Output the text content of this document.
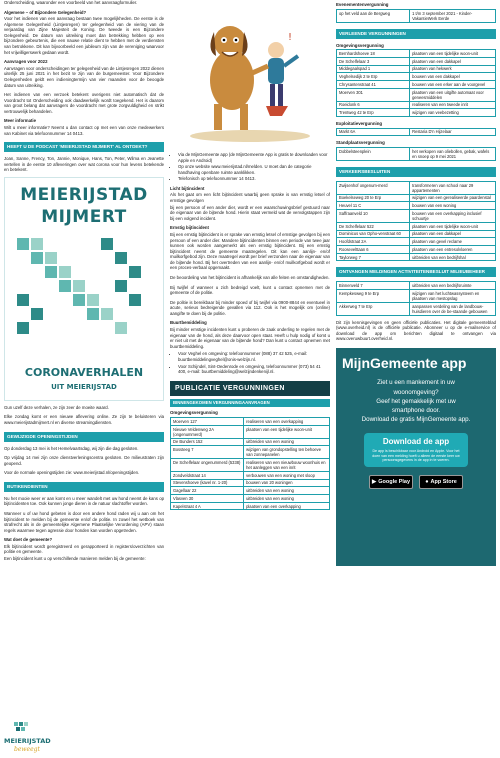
Onderscheiding, waaronder een voorbeeld van het aanvraagformulier.

Algemene – of Bijzondere Gelegenheid?

Voor het indienen van een aanvraag bestaan twee mogelijkheden. De eerste is de Algemene Gelegenheid (Lintjesregen) ter gelegenheid van de viering van de verjaardag van Zijne Majesteit de Koning. De tweede is een Bijzondere Gelegenheid. De datum van uitreiking moet dan betrekking hebben op een bijzondere gebeurtenis, die een nauwe relatie dient te hebben met de verdiensten van betrokkene. Dit kan bijvoorbeeld een jubileum zijn van de vereniging waarvoor het vrijwilligerswerk gedaan wordt.

Aanvragen voor 2022

Aanvragen voor onderscheidingen ter gelegenheid van de Lintjesregen 2022 dienen uiterlijk 25 juni 2021 in het bezit te zijn van de burgemeester. Voor Bijzondere Gelegenheden geldt een indieningtermijn van vier maanden voor de beoogde datum van uitreiking.

Het indienen van een verzoek betekent overigens niet automatisch dat de Voordracht tot Onderscheiding ook daadwerkelijk wordt toegekend. Het is daarom van groot belang dat aanvragers de voordracht met grote zorgvuldigheid en strikt vertrouwelijk behandelen.

Meer informatie

Wilt u meer informatie? Neemt u dan contact op met een van onze medewerkers van Kabinet via telefoonnummer 14 0413.

HEEFT U DE PODCAST 'MEIERIJSTAD MIJMERT' AL ONTDEKT?

Joan, Sanne, Frency, Ton, Jannie, Monique, Hans, Ton, Peter, Wilma en Jeanette vertellen in de eerste 10 afleveringen over wat corona voor hun levens betekende en betekent.

MEIERIJSTAD
MIJMERT
CORONAVERHALEN
UIT MEIERIJSTAD

Gun uzelf deze verhalen, ze zijn zeer de moeite waard.

Elke zondag komt er een nieuwe aflevering online. Ze zijn te beluisteren via www.meierijstadmijmert.nl en diverse streamingdiensten.

GEWIJZIGDE OPENINGSTIJDEN

Op donderdag 13 mei is het Hemelvaartsdag, wij zijn die dag gesloten.

Op vrijdag 14 mei zijn onze dienstverleningscentra gesloten. De milieustraten zijn geopend.

Voor de normale openingstijden zie: www.meierijstad.nl/openingstijden.

BUTIKENDIENTEN

Nu het mooie weer er aan komt en u meer wandelt met uw hond neemt de kans op bijtincidenten toe. Ook kunnen jonge dieren in de natuur slachtoffer worden.

Wanneer u of uw hond gebeten is door een andere hond raden wij u aan om het bijtincident te melden bij de gemeente en/of de politie. In zowel het wetboek van strafrecht als in de gemeentelijke Algemene Plaatselijke Verordening (APV) staan regels waarmee tegen agressie door honden kan worden opgetreden.

Wat doet de gemeente?

Elk bijtincident wordt geregistreerd en gerapporteerd in registers/overzichten van politie en gemeente.

Een bijtincident kunt u op verschillende manieren melden bij de gemeente:

MEIERIJSTAD
beweegt
!
• Via de MijnGemeente app (de MijnGemeente App is gratis te downloaden voor Apple en Android)
• Op onze website www.meierijstad.nl/melden. U moet dan de categorie handhaving openbare ruimte aanklikken.
• Telefonisch op telefoonnummer 14 0413.
Licht bijtincident

Als het gaat om een licht bijtincident waarbij geen sprake is van ernstig letsel of ernstige gevolgen

bij een persoon of een ander dier, wordt er een waarschuwingsbrief gestuurd naar de eigenaar van de bijtende hond. Hierin staat vermeld wat de vervolgstappen zijn bij een volgend incident.

Ernstig bijtincident

Bij een ernstig bijtincident is er sprake van ernstig letsel of ernstige gevolgen bij een persoon of een ander dier. Mandere bijtincidenten binnen een periode van twee jaar kunnen ook worden aangemerkt als een ernstig bijtincident. Bij een ernstig bijtincident neemt de gemeente maatregelen. Dit kan een aanlijn- en/of muilkorfgebod zijn. Deze maatregel wordt per brief verzonden naar de eigenaar van de bijtende hond. Bij het overtreden van een aanlijn- en/of muilkorfgebod wordt er een proces-verbaal opgemaakt.

De beoordeling van het bijtincident is afhankelijk van alle feiten en omstandigheden.

Bij twijfel of wanneer u zich bedreigd voelt, kunt u contact opnemen met de gemeente of de politie.

De politie is bereikbaar bij minder spoed of bij twijfel via 0900-8844 en eventueel in acute, serieus bedreigende gevallen via 112. Ook is het mogelijk om (online) aangifte te doen bij de politie.

Buurtbemiddeling

Bij minder ernstige incidenten kunt u proberen de zaak onderling te regelen met de eigenaar van de hond, als deze daarvoor open staat. Heeft u hulp nodig of komt u er niet uit met de eigenaar van de bijtende hond? Dan kunt u contact opnemen met buurtbemiddeling.

• Voor Veghel en omgeving: telefoonnummer (088) 37 42 525, e-mail: buurtbemiddelingveghel@onis-welzijn.nl.
• Voor Schijndel, Sint-Oedenrode en omgeving, telefoonnummer (073) 54 41 400, e-mail: buurtbemiddeling@welzijndenkenijl.nl.
PUBLICATIE VERGUNNINGEN
BINNENGEKOMEN VERGUNNINGAANVRAGEN
Omgevingsvergunning
Moerven 127	realiseren van een overkapping
Nieuwe Veldenweg 2A (ongenummerd)	plaatsen van een tijdelijke woon-unit
De Bunders 152	uitbreiden van een woning
Bossteeg 7	wijzigen van grondopstelling ten behoeve van zonnepanelen
De Schelfelaar ongenummerd (5338)	realiseren van een nieuwbouw woonhuis en het aanleggen van een inrit
Zondveldstraat 14	verbouwen van een woning met sloop
Stevenshoeve (kavel nr. 1-20)	bouwen van 20 woningen
Gagellaar 22	uitbreiden van een woning
Vlasven 30	uitbreiden van een woning
Kapelstraat 4 A	plaatsen van een overkapping
Evenementenvergunning
op het veld aan de Bergweg	1 t/m 3 september 2021 - Kinder-VakantieWerk Eerde
VERLEENDE VERGUNNINGEN
Omgevingsvergunning
Bernhardshoeve 18	plaatsen van een tijdelijke woon-unit
De Schelfelaar 3	plaatsen van een dakkapel
Middegaalspad 1	plaatsen van hekwerk
Veghelsedijk 2 te Erp	bouwen van een dakkapel
Chrysantenstraat 41	bouwen van een erker aan de voorgevel
Moerven 301	plaatsen van een uitgifte automaat voor geneesmiddelen
Roeidonk 6	realiseren van een tweede inrit
Trentweg 42 te Erp	wijzigen van veebezetting
Exploitatievergunning
Markt 6A	Restaria D'n Hijzelaar
Standplaatsvergunning
Dobbelsteenplein	het verkopen van oliebollen, gebak, wafels en snoep op 9 mei 2021
VERKEERSBESLUITEN
Zwijsenhof ongenum-merd	transformeren van school naar 29 appartementen
Boekelseweg 20 te Erp	wijzigen van een gerealiseerde paardenstal
Heuvel 11 C	bouwen van een woning
Saffraanveld 10	bouwen van een overkapping inclusief schuurtje
De Schelfelaar 522	plaatsen van een tijdelijke woon-unit
Dominicus van Opho-venstraat 60	plaatsen van een dakkapel
Hoofdstraat 2A	plaatsen van gevel reclame
Roosevelttaan 6	plaatsen van een entresolvloeren
Taylorweg 7	uitbreiden van een bedrijfshal
ONTVANGEN MELDINGEN ACTIVITEITENBESLUIT MILIEUBEHEER
Binnenveld 7	uitbreiden van een bedrijfsruimte
Kempkesweg 9 te Erp	wijzigen van het luchtwassysteem en plaatsen van mestopslag
Akkerweg 7 te Erp	aanpassen verdeling van de landbouw-huisdieren over de be-staande gebouwen

Dit zijn kennisgevingen en geen officiële publicaties. Het digitale gemeenteblad (www.overheid.nl) is de officiële publicatie. Abonneer u op de e-mailservice of download de app om berichten digitaal te ontvangen via www.overuwbuurt.overheid.nl.

MijnGemeente app
Ziet u een mankement in uw
woonomgeving?
Geef het gemakkelijk met uw
smartphone door.
Download de gratis MijnGemeente app.
Download de app
De app is beschikbaar voor Android en Apple. Voor het doen van een melding hoeft u alleen de eerste keer uw persoonsgegevens in de app in te voeren.
▶ Google Play	● App Store
